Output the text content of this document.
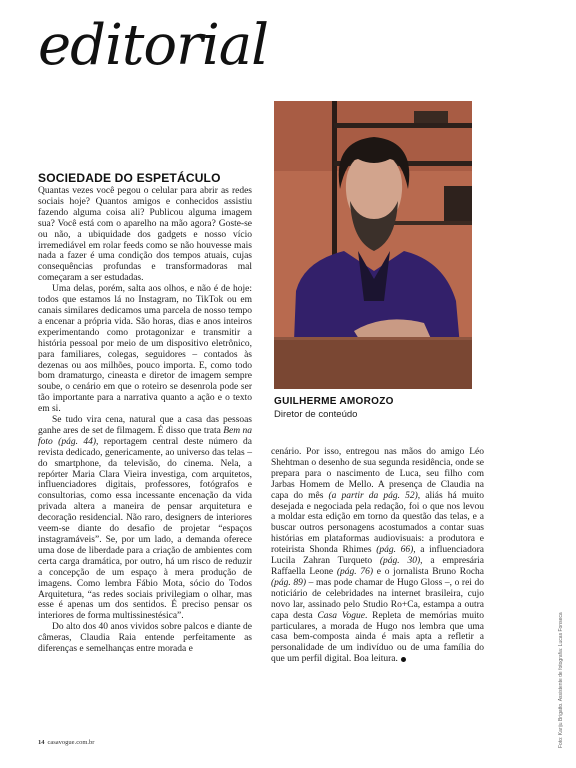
editorial

GUILHERME AMOROZO

Diretor de conteúdo

SOCIEDADE DO ESPETÁCULO

Quantas vezes você pegou o celular para abrir as redes sociais hoje? Quantos amigos e conhecidos assistiu fazendo alguma coisa ali? Publicou alguma imagem sua? Você está com o aparelho na mão agora? Goste-se ou não, a ubiquidade dos gadgets e nosso vício irremediável em rolar feeds como se não houvesse mais nada a fazer é uma condição dos tempos atuais, cujas consequências profundas e transformadoras mal começaram a ser estudadas.

Uma delas, porém, salta aos olhos, e não é de hoje: todos que estamos lá no Instagram, no TikTok ou em canais similares dedicamos uma parcela de nosso tempo a encenar a própria vida. São horas, dias e anos inteiros experimentando como protagonizar e transmitir a história pessoal por meio de um dispositivo eletrônico, para familiares, colegas, seguidores – contados às dezenas ou aos milhões, pouco importa. E, como todo bom dramaturgo, cineasta e diretor de imagem sempre soube, o cenário em que o roteiro se desenrola pode ser tão importante para a narrativa quanto a ação e o texto em si.

Se tudo vira cena, natural que a casa das pessoas ganhe ares de set de filmagem. É disso que trata Bem na foto (pág. 44), reportagem central deste número da revista dedicado, genericamente, ao universo das telas – do smartphone, da televisão, do cinema. Nela, a repórter Maria Clara Vieira investiga, com arquitetos, influenciadores digitais, professores, fotógrafos e consultorias, como essa incessante encenação da vida privada altera a maneira de pensar arquitetura e decoração residencial. Não raro, designers de interiores veem-se diante do desafio de projetar “espaços instagramáveis”. Se, por um lado, a demanda oferece uma dose de liberdade para a criação de ambientes com certa carga dramática, por outro, há um risco de reduzir a concepção de um espaço à mera produção de imagens. Como lembra Fábio Mota, sócio do Todos Arquitetura, “as redes sociais privilegiam o olhar, mas esse é apenas um dos sentidos. É preciso pensar os interiores de forma multissinestésica”.

Do alto dos 40 anos vividos sobre palcos e diante de câmeras, Claudia Raia entende perfeitamente as diferenças e semelhanças entre morada e

cenário. Por isso, entregou nas mãos do amigo Léo Shehtman o desenho de sua segunda residência, onde se prepara para o nascimento de Luca, seu filho com Jarbas Homem de Mello. A presença de Claudia na capa do mês (a partir da pág. 52), aliás há muito desejada e negociada pela redação, foi o que nos levou a moldar esta edição em torno da questão das telas, e a buscar outros personagens acostumados a contar suas histórias em plataformas audiovisuais: a produtora e roteirista Shonda Rhimes (pág. 66), a influenciadora Lucila Zahran Turqueto (pág. 30), a empresária Raffaella Leone (pág. 76) e o jornalista Bruno Rocha (pág. 89) – mas pode chamar de Hugo Gloss –, o rei do noticiário de celebridades na internet brasileira, cujo novo lar, assinado pelo Studio Ro+Ca, estampa a outra capa desta Casa Vogue. Repleta de memórias muito particulares, a morada de Hugo nos lembra que uma casa bem-composta ainda é mais apta a refletir a personalidade de um indivíduo ou de uma família do que um perfil digital. Boa leitura.	Foto: Kariju Brigatto. Assistente de fotografia: Lucas Fonseca

14 casavogue.com.br
